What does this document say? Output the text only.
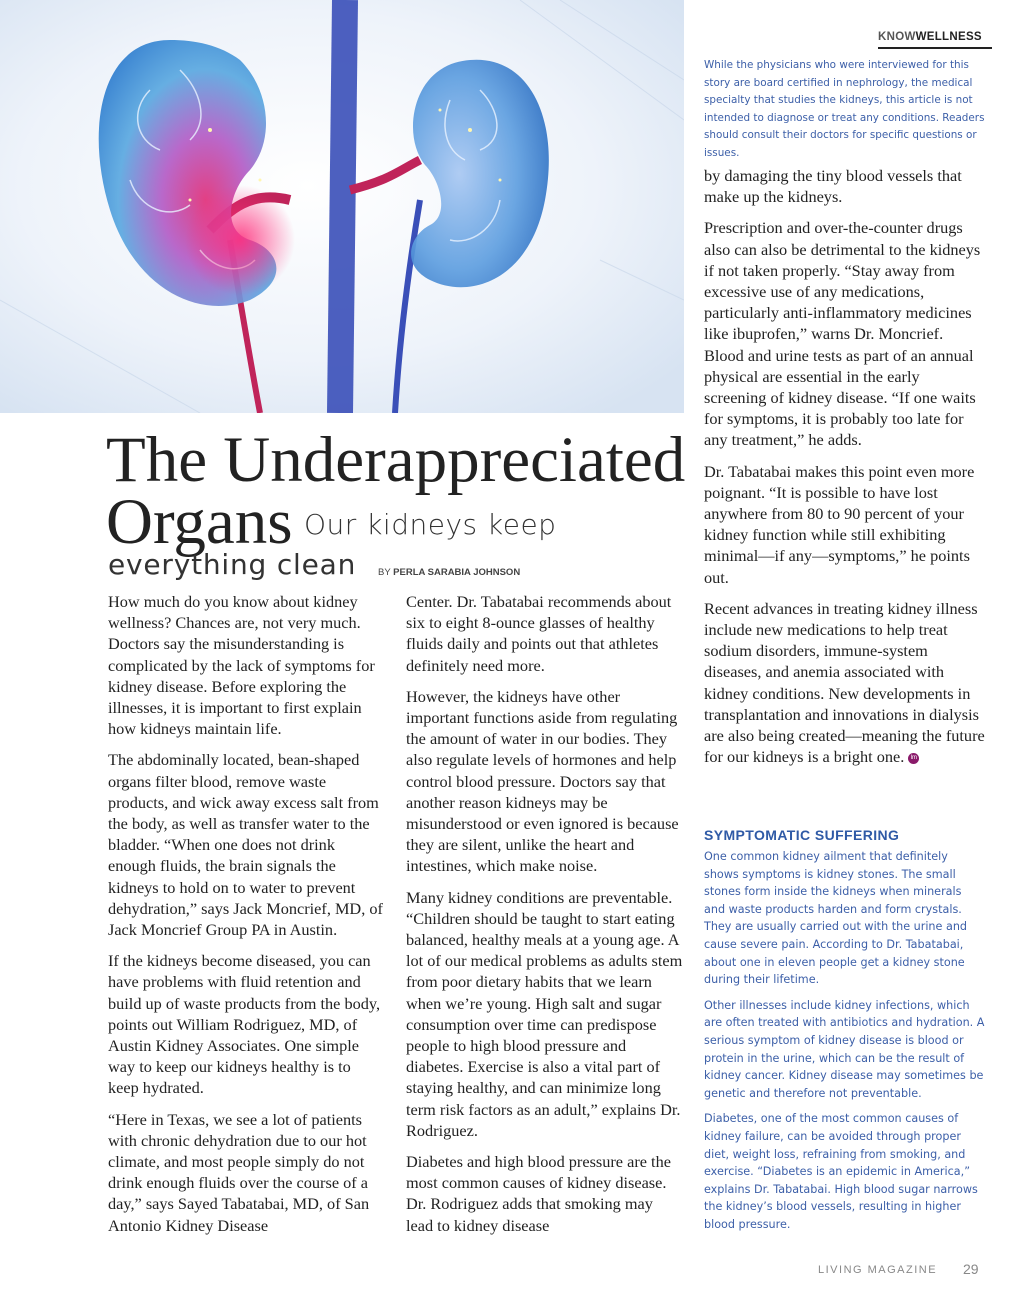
KNOWWELLNESS
While the physicians who were interviewed for this story are board certified in nephrology, the medical specialty that studies the kidneys, this article is not intended to diagnose or treat any conditions. Readers should consult their doctors for specific questions or issues.
The Underappreciated
Organs Our kidneys keep
everything clean BY PERLA SARABIA JOHNSON

How much do you know about kidney wellness? Chances are, not very much. Doctors say the misunderstanding is complicated by the lack of symptoms for kidney disease. Before exploring the illnesses, it is important to first explain how kidneys maintain life.

The abdominally located, bean-shaped organs filter blood, remove waste products, and wick away excess salt from the body, as well as transfer water to the bladder. “When one does not drink enough fluids, the brain signals the kidneys to hold on to water to prevent dehydration,” says Jack Moncrief, MD, of Jack Moncrief Group PA in Austin.

If the kidneys become diseased, you can have problems with fluid retention and build up of waste products from the body, points out William Rodriguez, MD, of Austin Kidney Associates. One simple way to keep our kidneys healthy is to keep hydrated.

“Here in Texas, we see a lot of patients with chronic dehydration due to our hot climate, and most people simply do not drink enough fluids over the course of a day,” says Sayed Tabatabai, MD, of San Antonio Kidney Disease

Center. Dr. Tabatabai recommends about six to eight 8-ounce glasses of healthy fluids daily and points out that athletes definitely need more.

However, the kidneys have other important functions aside from regulating the amount of water in our bodies. They also regulate levels of hormones and help control blood pressure. Doctors say that another reason kidneys may be misunderstood or even ignored is because they are silent, unlike the heart and intestines, which make noise.

Many kidney conditions are preventable. “Children should be taught to start eating balanced, healthy meals at a young age. A lot of our medical problems as adults stem from poor dietary habits that we learn when we’re young. High salt and sugar consumption over time can predispose people to high blood pressure and diabetes. Exercise is also a vital part of staying healthy, and can minimize long term risk factors as an adult,” explains Dr. Rodriguez.

Diabetes and high blood pressure are the most common causes of kidney disease. Dr. Rodriguez adds that smoking may lead to kidney disease

by damaging the tiny blood vessels that make up the kidneys.

Prescription and over-the-counter drugs also can also be detrimental to the kidneys if not taken properly. “Stay away from excessive use of any medications, particularly anti-inflammatory medicines like ibuprofen,” warns Dr. Moncrief. Blood and urine tests as part of an annual physical are essential in the early screening of kidney disease. “If one waits for symptoms, it is probably too late for any treatment,” he adds.

Dr. Tabatabai makes this point even more poignant. “It is possible to have lost anywhere from 80 to 90 percent of your kidney function while still exhibiting minimal—if any—symptoms,” he points out.

Recent advances in treating kidney illness include new medications to help treat sodium disorders, immune-system diseases, and anemia associated with kidney conditions. New developments in transplantation and innovations in dialysis are also being created—meaning the future for our kidneys is a bright one. lm

SYMPTOMATIC SUFFERING

One common kidney ailment that definitely shows symptoms is kidney stones. The small stones form inside the kidneys when minerals and waste products harden and form crystals. They are usually carried out with the urine and cause severe pain. According to Dr. Tabatabai, about one in eleven people get a kidney stone during their lifetime.

Other illnesses include kidney infections, which are often treated with antibiotics and hydration. A serious symptom of kidney disease is blood or protein in the urine, which can be the result of kidney cancer. Kidney disease may sometimes be genetic and therefore not preventable.

Diabetes, one of the most common causes of kidney failure, can be avoided through proper diet, weight loss, refraining from smoking, and exercise. “Diabetes is an epidemic in America,” explains Dr. Tabatabai. High blood sugar narrows the kidney’s blood vessels, resulting in higher blood pressure.

LIVING MAGAZINE 29
